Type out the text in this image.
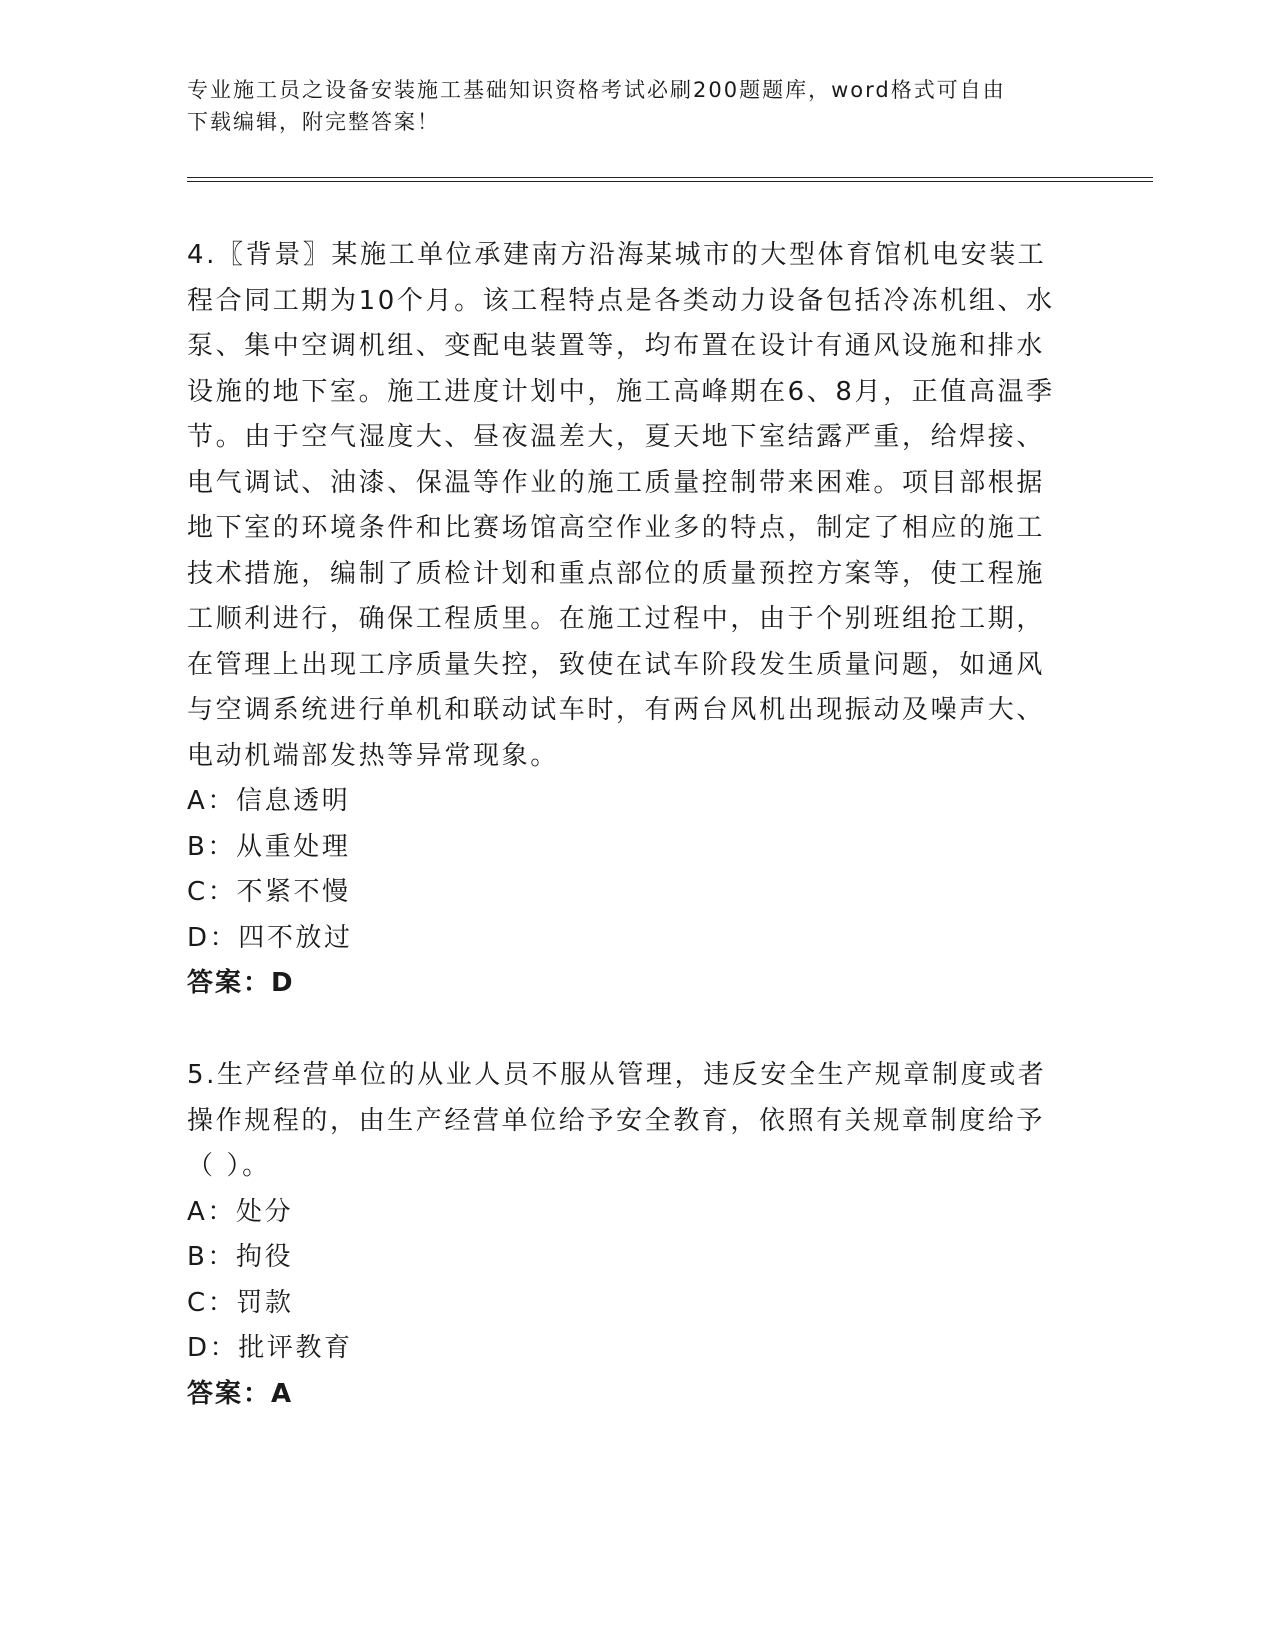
专业施工员之设备安装施工基础知识资格考试必刷200题题库，word格式可自由
下载编辑，附完整答案！

4.〖背景〗某施工单位承建南方沿海某城市的大型体育馆机电安装工
程合同工期为10个月。该工程特点是各类动力设备包括冷冻机组、水
泵、集中空调机组、变配电装置等，均布置在设计有通风设施和排水
设施的地下室。施工进度计划中，施工高峰期在6、8月，正值高温季
节。由于空气湿度大、昼夜温差大，夏天地下室结露严重，给焊接、
电气调试、油漆、保温等作业的施工质量控制带来困难。项目部根据
地下室的环境条件和比赛场馆高空作业多的特点，制定了相应的施工
技术措施，编制了质检计划和重点部位的质量预控方案等，使工程施
工顺利进行，确保工程质里。在施工过程中，由于个别班组抢工期，
在管理上出现工序质量失控，致使在试车阶段发生质量问题，如通风
与空调系统进行单机和联动试车时，有两台风机出现振动及噪声大、
电动机端部发热等异常现象。

A：信息透明
B：从重处理
C：不紧不慢
D：四不放过
答案：D

5.生产经营单位的从业人员不服从管理，违反安全生产规章制度或者
操作规程的，由生产经营单位给予安全教育，依照有关规章制度给予
（ ）。

A：处分
B：拘役
C：罚款
D：批评教育
答案：A
